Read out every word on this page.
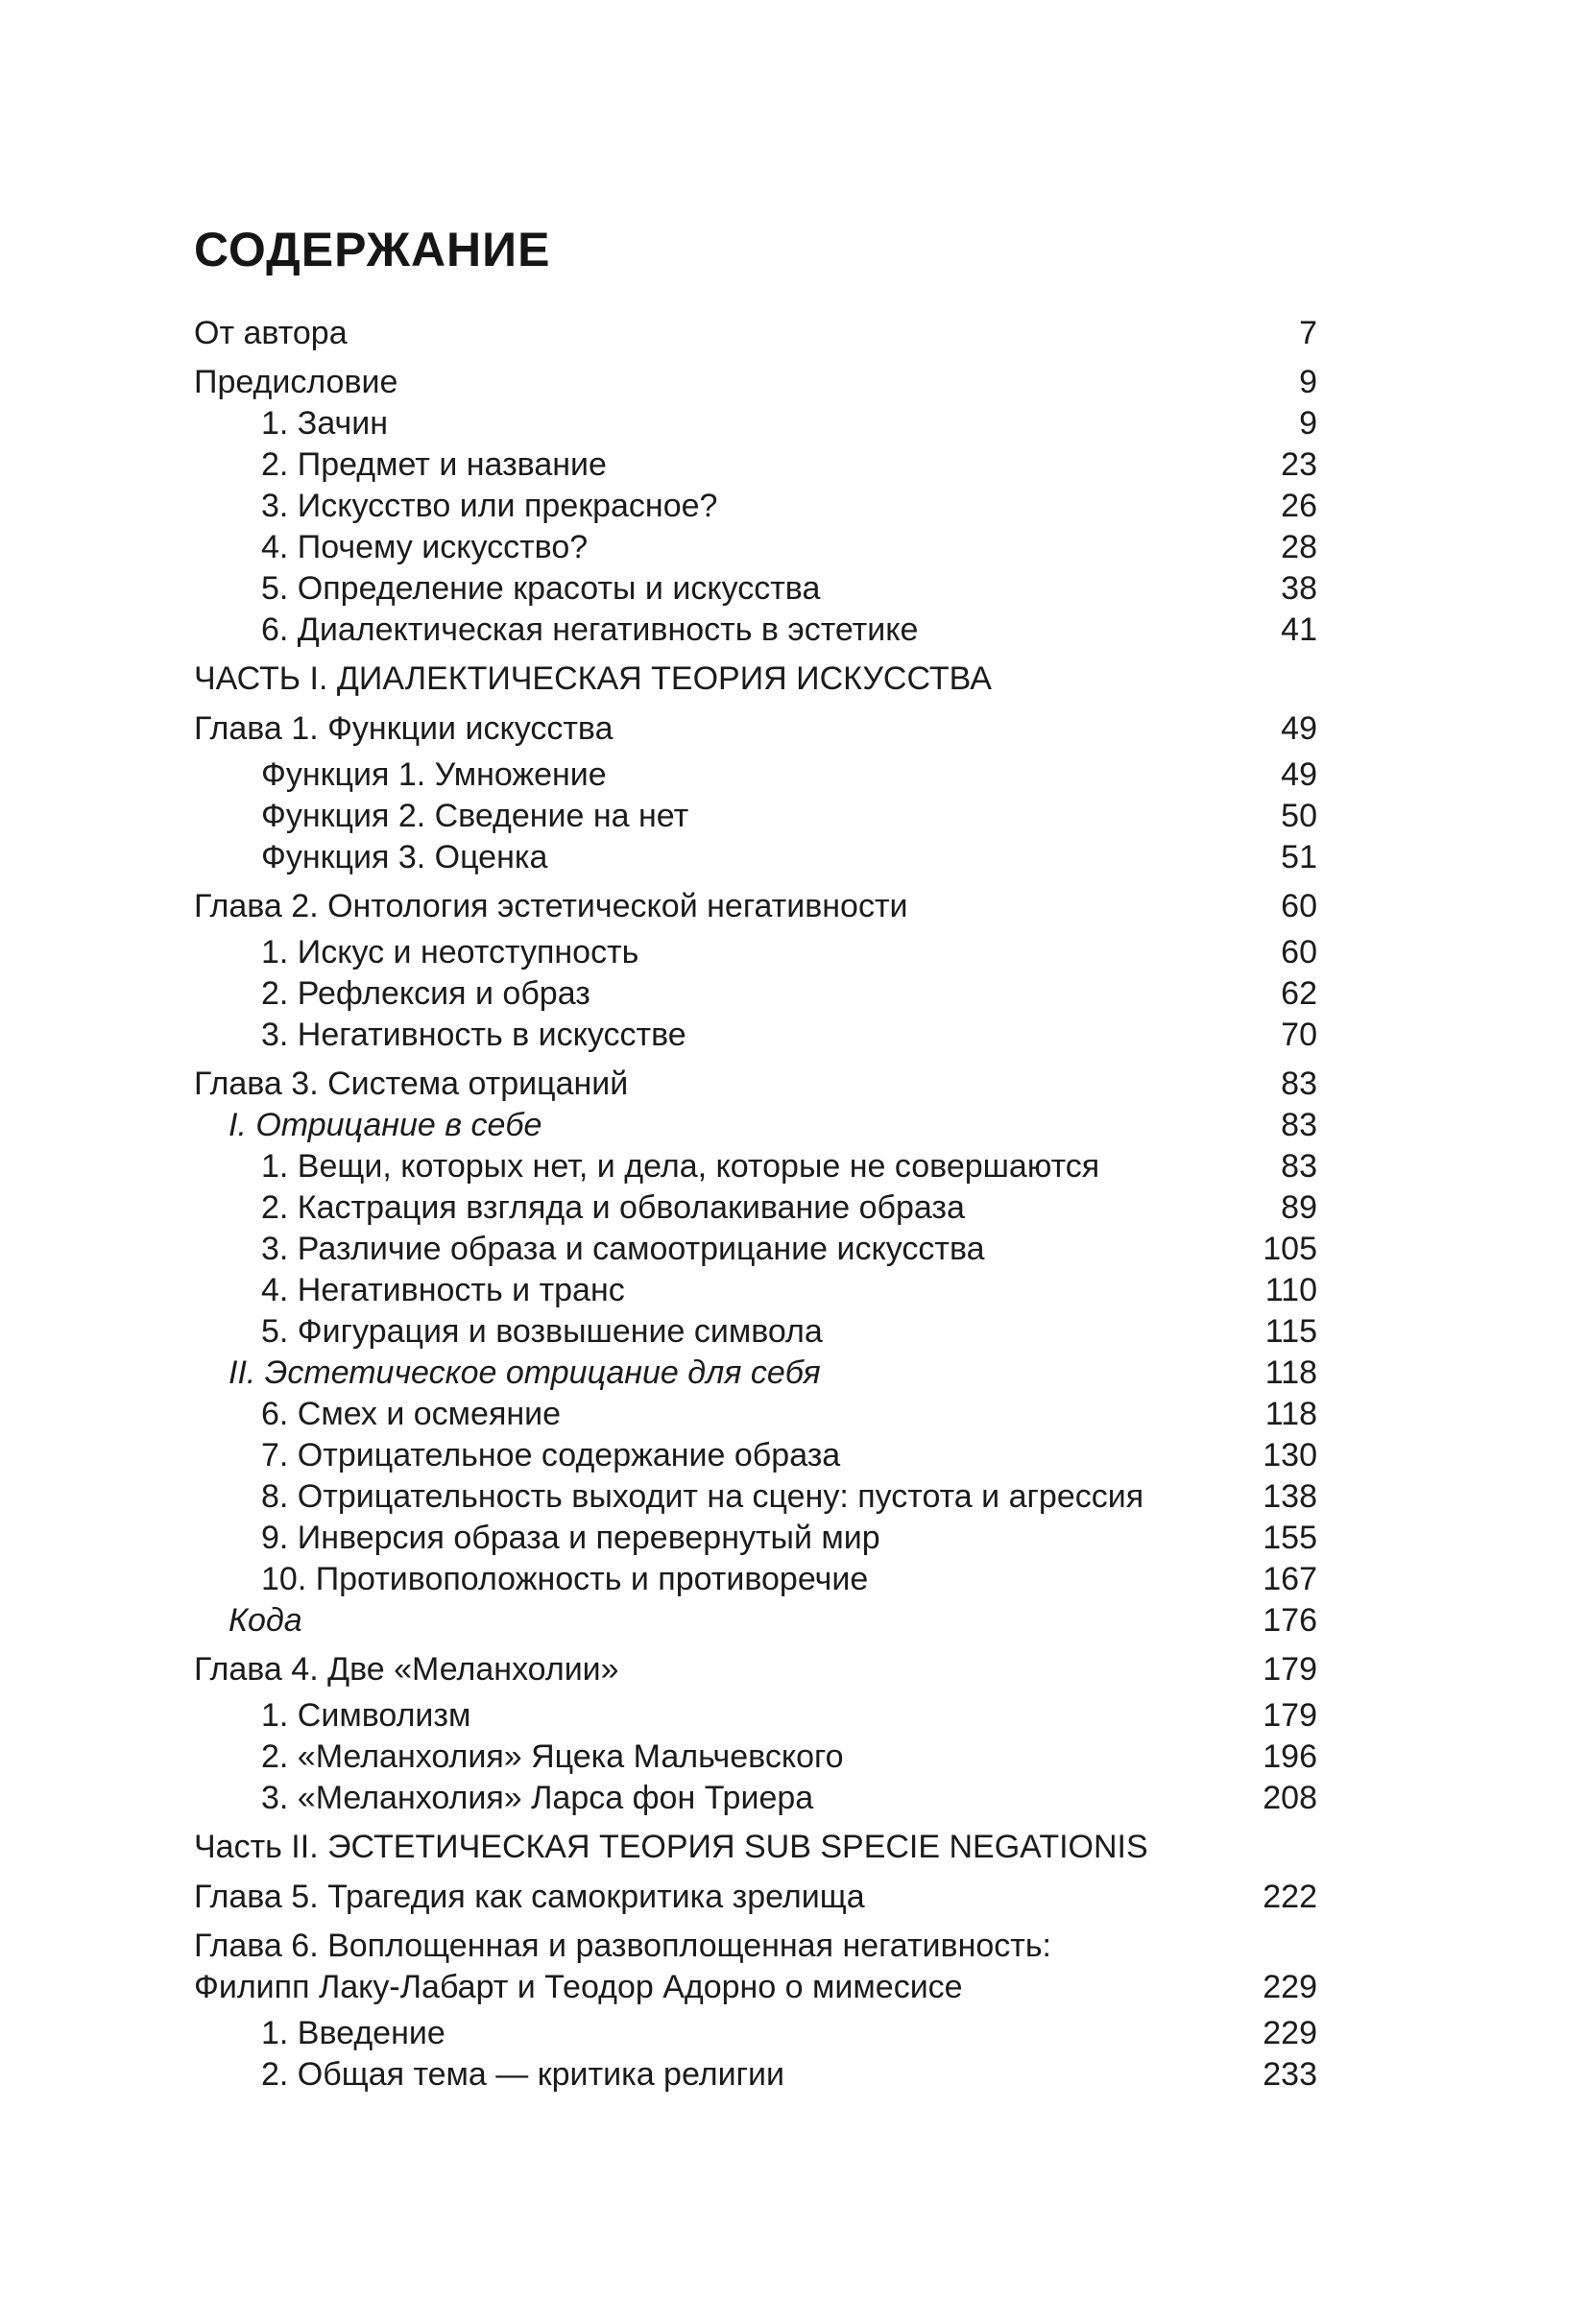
СОДЕРЖАНИЕ
От автора	7
Предисловие	9
1. Зачин	9
2. Предмет и название	23
3. Искусство или прекрасное?	26
4. Почему искусство?	28
5. Определение красоты и искусства	38
6. Диалектическая негативность в эстетике	41
ЧАСТЬ I. ДИАЛЕКТИЧЕСКАЯ ТЕОРИЯ ИСКУССТВА
Глава 1. Функции искусства	49
Функция 1. Умножение	49
Функция 2. Сведение на нет	50
Функция 3. Оценка	51
Глава 2. Онтология эстетической негативности	60
1. Искус и неотступность	60
2. Рефлексия и образ	62
3. Негативность в искусстве	70
Глава 3. Система отрицаний	83
I. Отрицание в себе	83
1. Вещи, которых нет, и дела, которые не совершаются	83
2. Кастрация взгляда и обволакивание образа	89
3. Различие образа и самоотрицание искусства	105
4. Негативность и транс	110
5. Фигурация и возвышение символа	115
II. Эстетическое отрицание для себя	118
6. Смех и осмеяние	118
7. Отрицательное содержание образа	130
8. Отрицательность выходит на сцену: пустота и агрессия	138
9. Инверсия образа и перевернутый мир	155
10. Противоположность и противоречие	167
Кода	176
Глава 4. Две «Меланхолии»	179
1. Символизм	179
2. «Меланхолия» Яцека Мальчевского	196
3. «Меланхолия» Ларса фон Триера	208
Часть II. ЭСТЕТИЧЕСКАЯ ТЕОРИЯ SUB SPECIE NEGATIONIS
Глава 5. Трагедия как самокритика зрелища	222
Глава 6. Воплощенная и развоплощенная негативность:
Филипп Лаку-Лабарт и Теодор Адорно о мимесисе	229
1. Введение	229
2. Общая тема — критика религии	233
